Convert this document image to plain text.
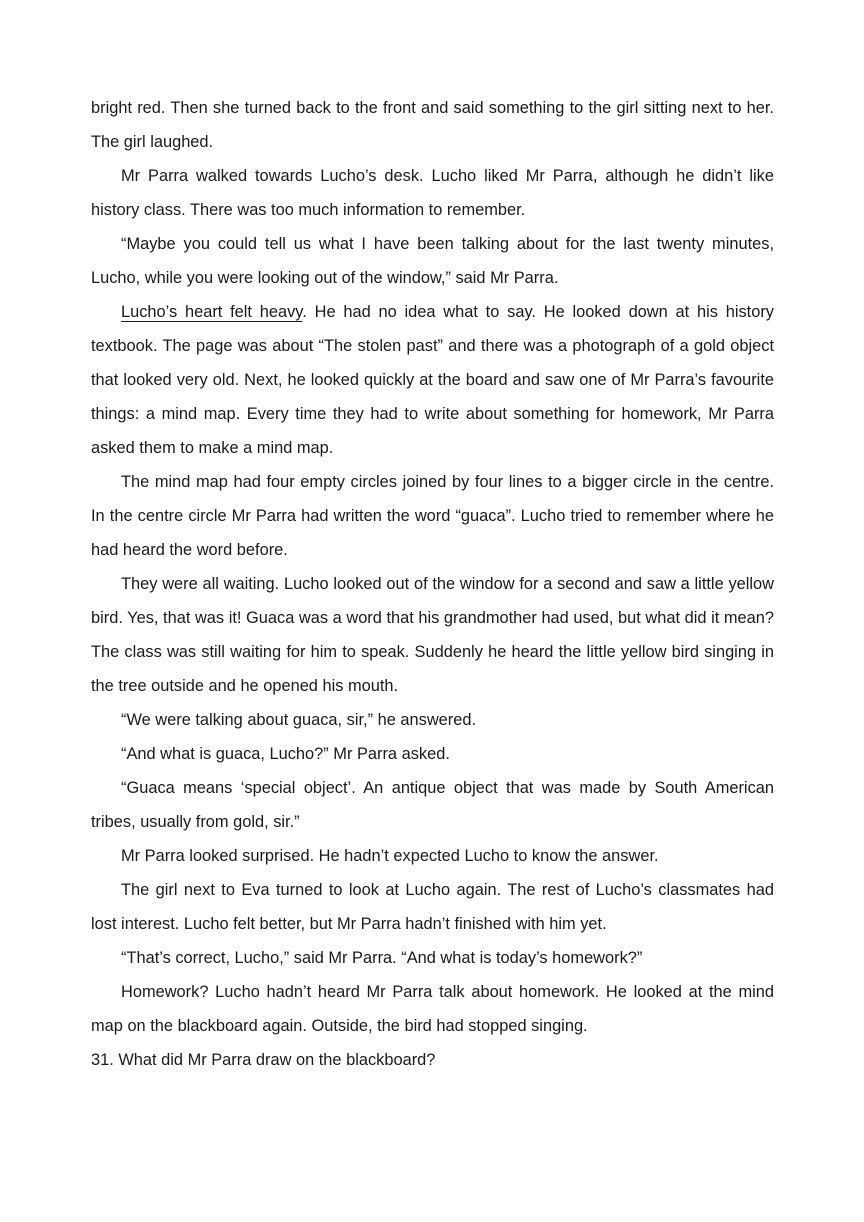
bright red. Then she turned back to the front and said something to the girl sitting next to her. The girl laughed.

Mr Parra walked towards Lucho’s desk. Lucho liked Mr Parra, although he didn’t like history class. There was too much information to remember.

“Maybe you could tell us what I have been talking about for the last twenty minutes, Lucho, while you were looking out of the window,” said Mr Parra.

Lucho’s heart felt heavy. He had no idea what to say. He looked down at his history textbook. The page was about “The stolen past” and there was a photograph of a gold object that looked very old. Next, he looked quickly at the board and saw one of Mr Parra’s favourite things: a mind map. Every time they had to write about something for homework, Mr Parra asked them to make a mind map.

The mind map had four empty circles joined by four lines to a bigger circle in the centre. In the centre circle Mr Parra had written the word “guaca”. Lucho tried to remember where he had heard the word before.

They were all waiting. Lucho looked out of the window for a second and saw a little yellow bird. Yes, that was it! Guaca was a word that his grandmother had used, but what did it mean? The class was still waiting for him to speak. Suddenly he heard the little yellow bird singing in the tree outside and he opened his mouth.

“We were talking about guaca, sir,” he answered.

“And what is guaca, Lucho?” Mr Parra asked.

“Guaca means ‘special object’. An antique object that was made by South American tribes, usually from gold, sir.”

Mr Parra looked surprised. He hadn’t expected Lucho to know the answer.

The girl next to Eva turned to look at Lucho again. The rest of Lucho’s classmates had lost interest. Lucho felt better, but Mr Parra hadn’t finished with him yet.

“That’s correct, Lucho,” said Mr Parra. “And what is today’s homework?”

Homework? Lucho hadn’t heard Mr Parra talk about homework. He looked at the mind map on the blackboard again. Outside, the bird had stopped singing.

31. What did Mr Parra draw on the blackboard?
